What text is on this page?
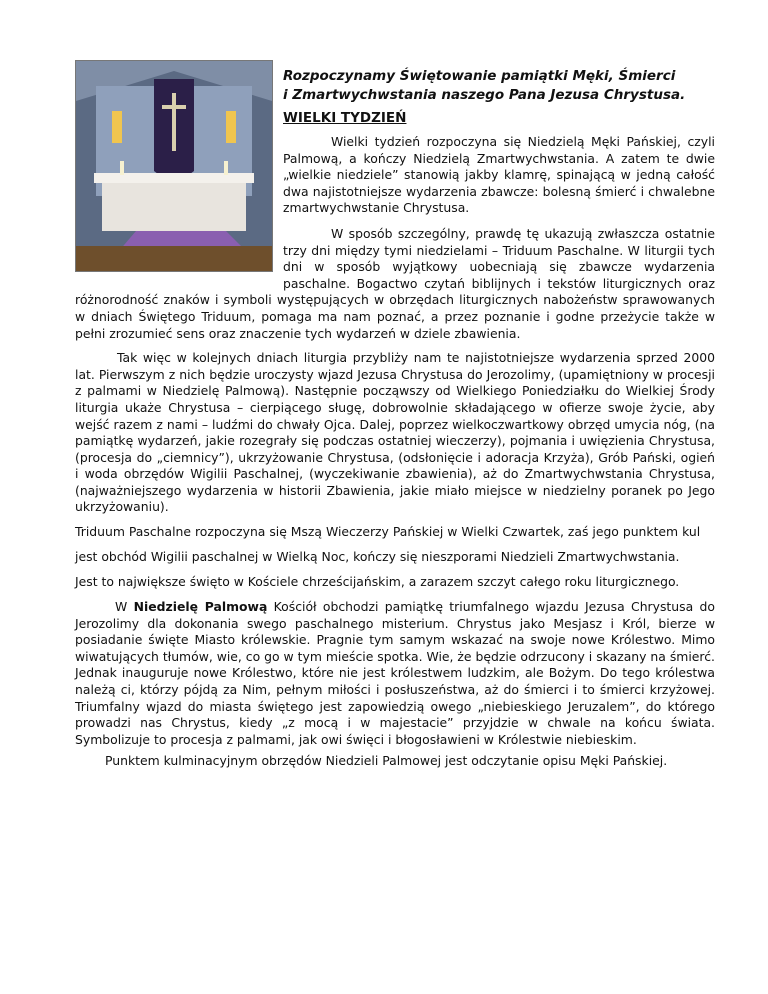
Rozpoczynamy Świętowanie pamiątki Męki, Śmierci
i Zmartwychwstania naszego Pana Jezusa Chrystusa.
WIELKI TYDZIEŃ

Wielki tydzień rozpoczyna się Niedzielą Męki Pańskiej, czyli Palmową, a kończy Niedzielą Zmartwychwstania. A zatem te dwie „wielkie niedziele” stanowią jakby klamrę, spinającą w jedną całość dwa najistotniejsze wydarzenia zbawcze: bolesną śmierć i chwalebne zmartwychwstanie Chrystusa.

W sposób szczególny, prawdę tę ukazują zwłaszcza ostatnie trzy dni między tymi niedzielami – Triduum Paschalne. W liturgii tych dni w sposób wyjątkowy uobecniają się zbawcze wydarzenia paschalne. Bogactwo czytań biblijnych i tekstów liturgicznych oraz różnorodność znaków i symboli występujących w obrzędach liturgicznych nabożeństw sprawowanych w dniach Świętego Triduum, pomaga ma nam poznać, a przez poznanie i godne przeżycie także w pełni zrozumieć sens oraz znaczenie tych wydarzeń w dziele zbawienia.

Tak więc w kolejnych dniach liturgia przybliży nam te najistotniejsze wydarzenia sprzed 2000 lat. Pierwszym z nich będzie uroczysty wjazd Jezusa Chrystusa do Jerozolimy, (upamiętniony w procesji z palmami w Niedzielę Palmową). Następnie począwszy od Wielkiego Poniedziałku do Wielkiej Środy liturgia ukaże Chrystusa – cierpiącego sługę, dobrowolnie składającego w ofierze swoje życie, aby wejść razem z nami – ludźmi do chwały Ojca. Dalej, poprzez wielkoczwartkowy obrzęd umycia nóg, (na pamiątkę wydarzeń, jakie rozegrały się podczas ostatniej wieczerzy), pojmania i uwięzienia Chrystusa, (procesja do „ciemnicy”), ukrzyżowanie Chrystusa, (odsłonięcie i adoracja Krzyża), Grób Pański, ogień i woda obrzędów Wigilii Paschalnej, (wyczekiwanie zbawienia), aż do Zmartwychwstania Chrystusa, (najważniejszego wydarzenia w historii Zbawienia, jakie miało miejsce w niedzielny poranek po Jego ukrzyżowaniu).

Triduum Paschalne rozpoczyna się Mszą Wieczerzy Pańskiej w Wielki Czwartek, zaś jego punktem kul

jest obchód Wigilii paschalnej w Wielką Noc, kończy się nieszporami Niedzieli Zmartwychwstania.

Jest to największe święto w Kościele chrześcijańskim, a zarazem szczyt całego roku liturgicznego.

W Niedzielę Palmową Kościół obchodzi pamiątkę triumfalnego wjazdu Jezusa Chrystusa do Jerozolimy dla dokonania swego paschalnego misterium. Chrystus jako Mesjasz i Król, bierze w posiadanie święte Miasto królewskie. Pragnie tym samym wskazać na swoje nowe Królestwo. Mimo wiwatujących tłumów, wie, co go w tym mieście spotka. Wie, że będzie odrzucony i skazany na śmierć. Jednak inauguruje nowe Królestwo, które nie jest królestwem ludzkim, ale Bożym. Do tego królestwa należą ci, którzy pójdą za Nim, pełnym miłości i posłuszeństwa, aż do śmierci i to śmierci krzyżowej. Triumfalny wjazd do miasta świętego jest zapowiedzią owego „niebieskiego Jeruzalem”, do którego prowadzi nas Chrystus, kiedy „z mocą i w majestacie” przyjdzie w chwale na końcu świata. Symbolizuje to procesja z palmami, jak owi święci i błogosławieni w Królestwie niebieskim.

Punktem kulminacyjnym obrzędów Niedzieli Palmowej jest odczytanie opisu Męki Pańskiej.
